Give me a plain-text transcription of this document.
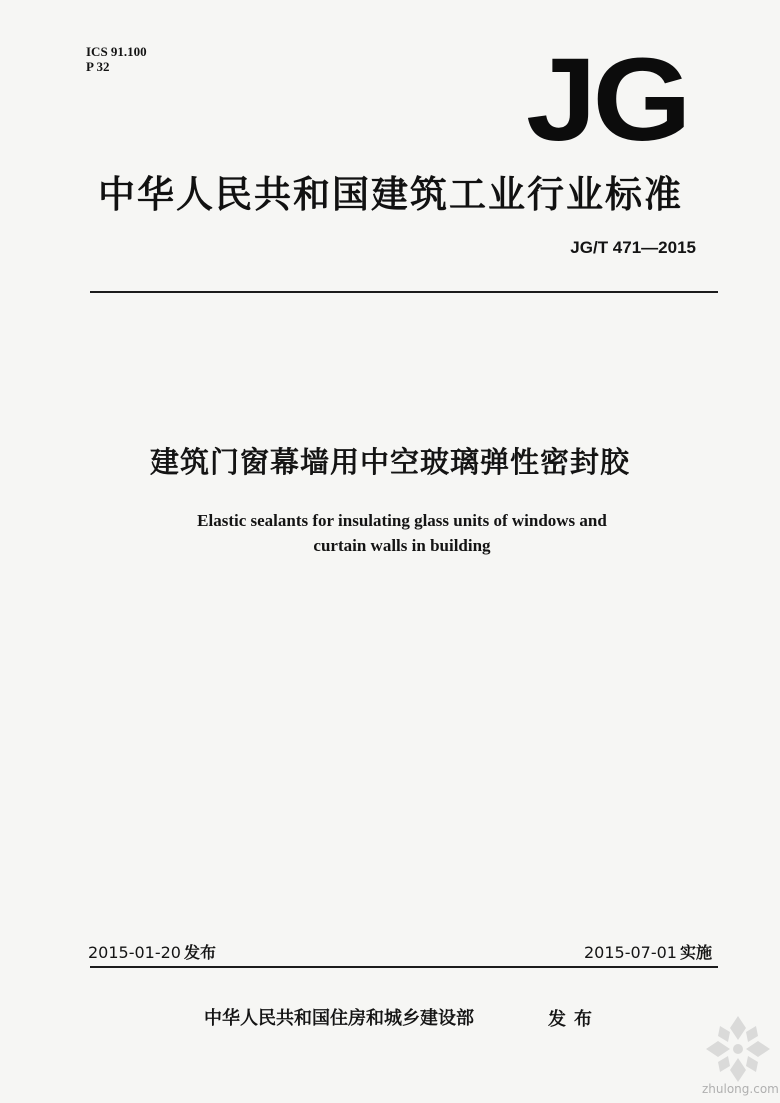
ICS 91.100
P 32	JG
中华人民共和国建筑工业行业标准
JG/T 471—2015
建筑门窗幕墙用中空玻璃弹性密封胶
Elastic sealants for insulating glass units of windows and
curtain walls in building
2015-01-20 发布	2015-07-01 实施
中华人民共和国住房和城乡建设部	发布
zhulong.com
